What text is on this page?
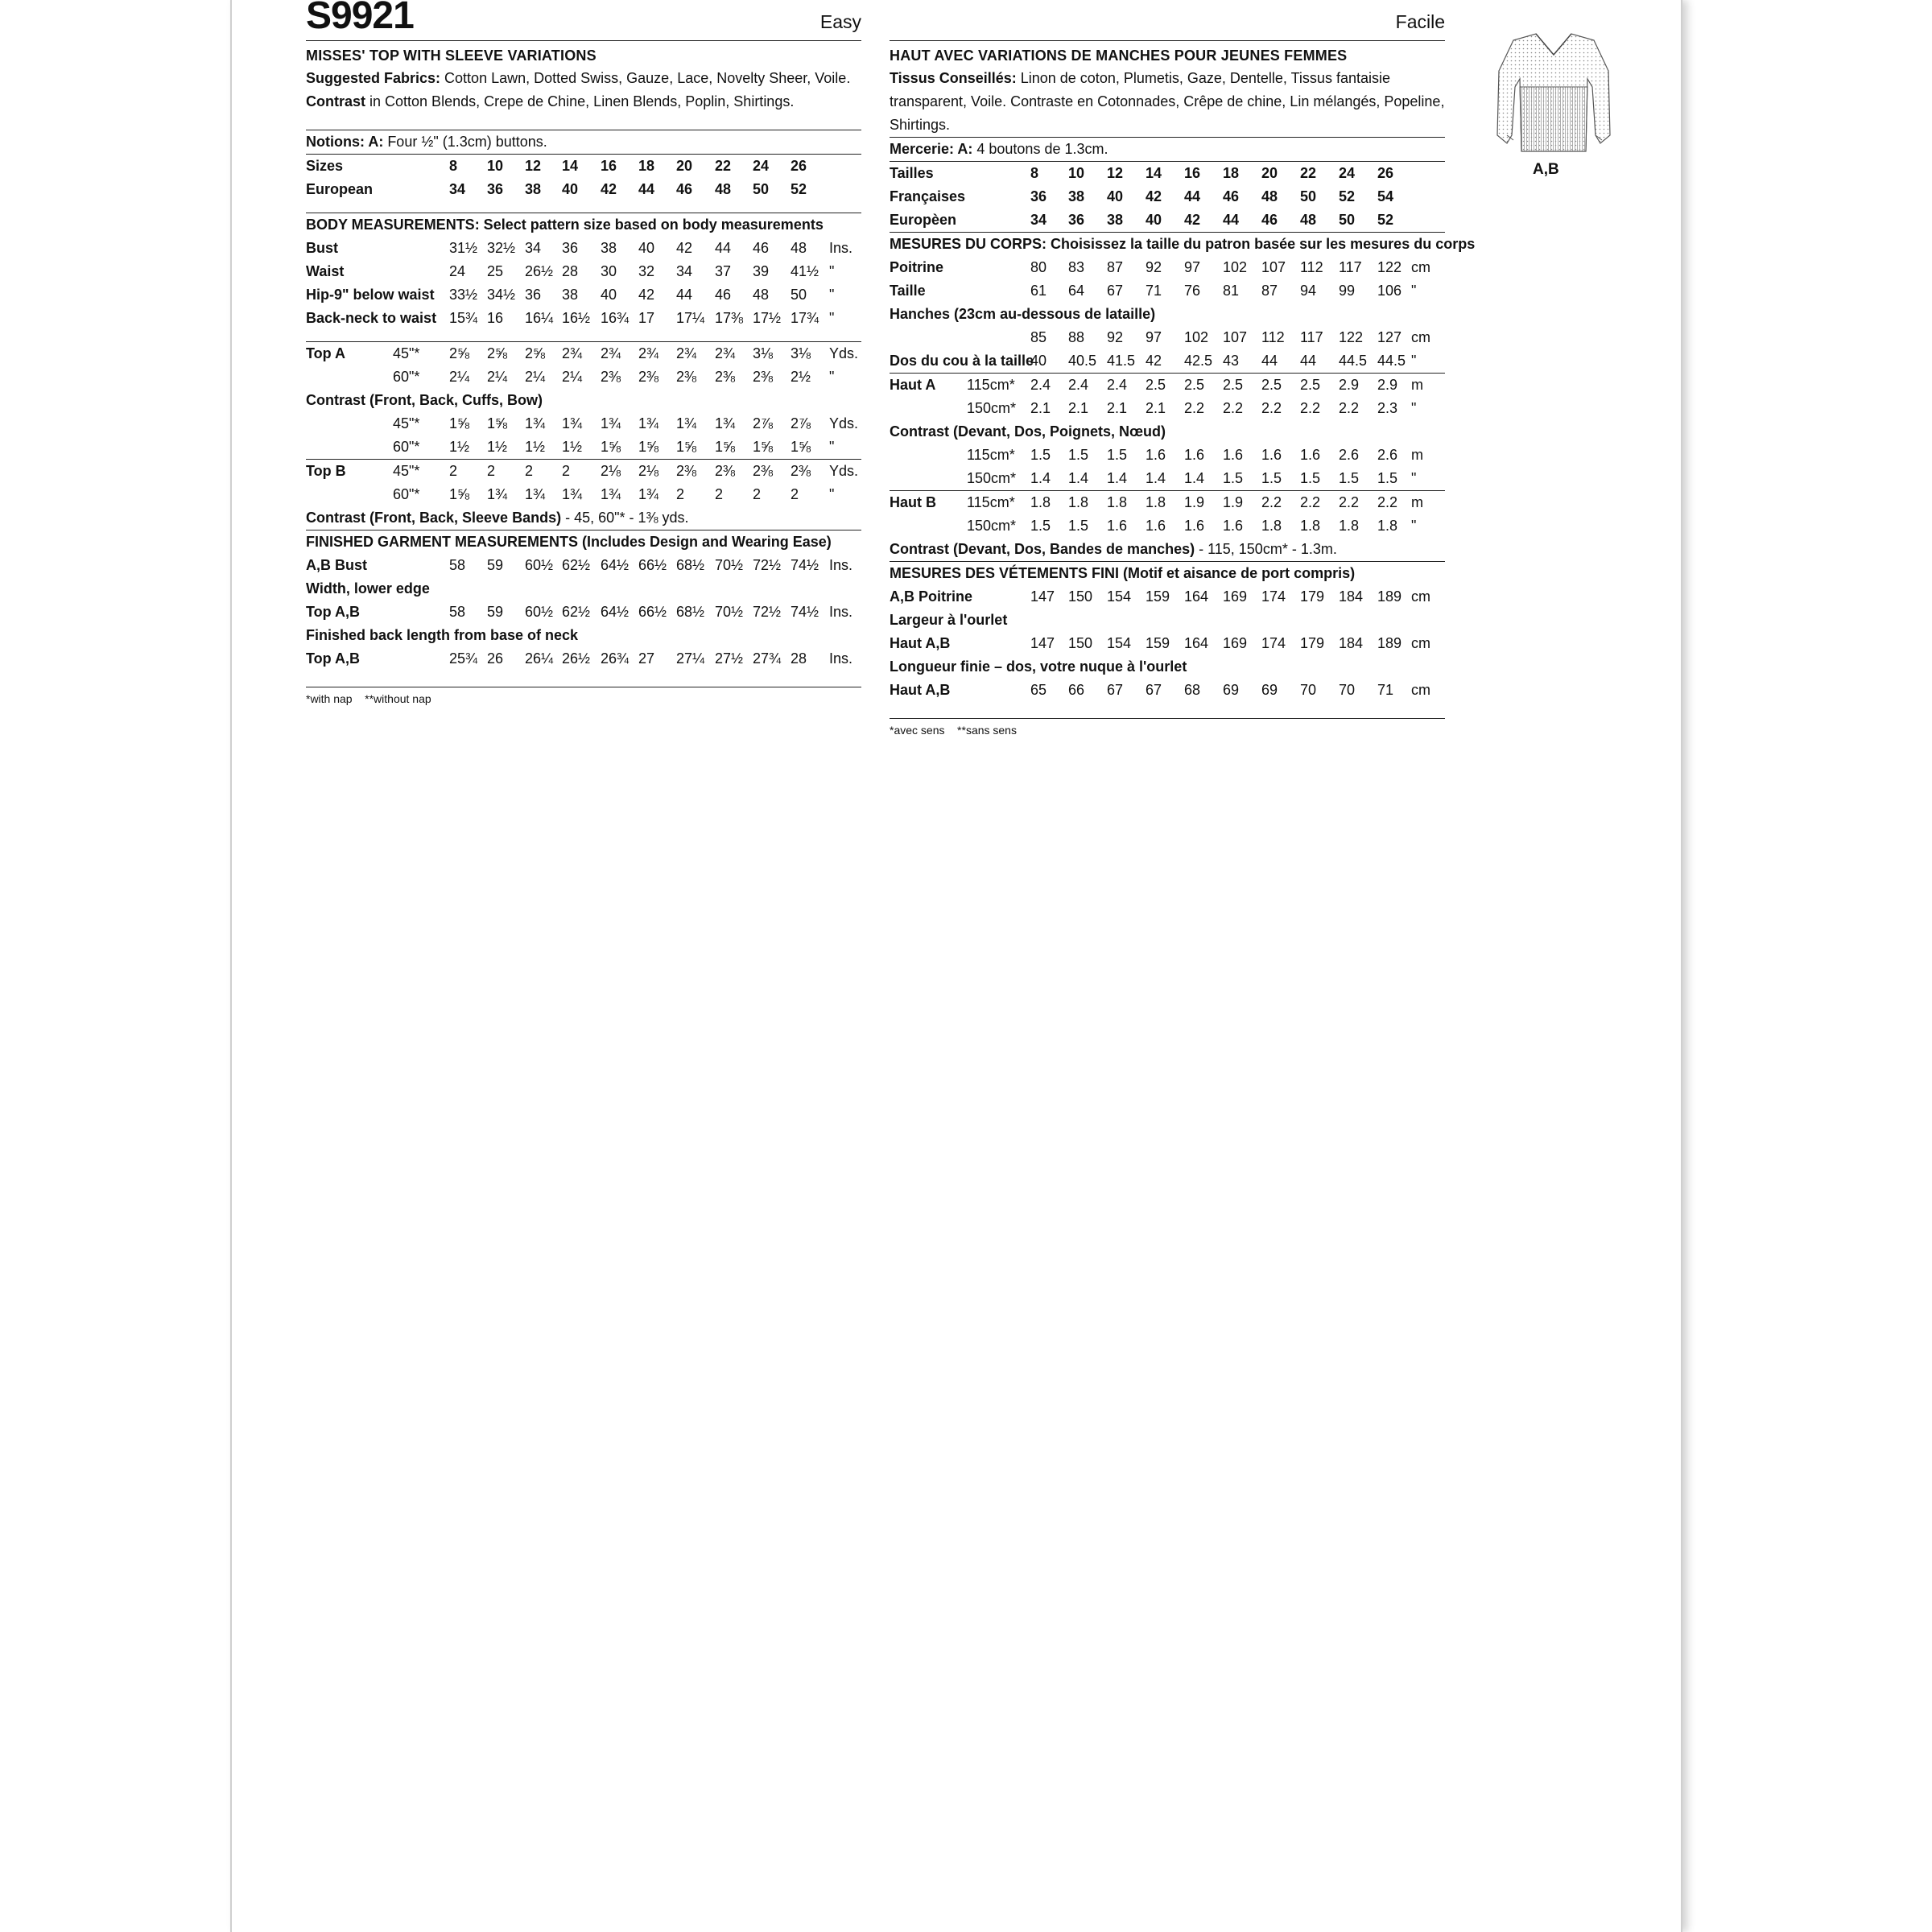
S9921	Easy
MISSES' TOP WITH SLEEVE VARIATIONS
Suggested Fabrics: Cotton Lawn, Dotted Swiss, Gauze, Lace, Novelty Sheer, Voile.
Contrast in Cotton Blends, Crepe de Chine, Linen Blends, Poplin, Shirtings.
Notions: A: Four ½" (1.3cm) buttons.
Sizes	8 10 12 14 16 18 20 22 24 26
European	34 36 38 40 42 44 46 48 50 52
BODY MEASUREMENTS: Select pattern size based on body measurements
Bust	31½ 32½ 34 36 38 40 42 44 46 48 Ins.
Waist	24 25 26½ 28 30 32 34 37 39 41½ "
Hip-9" below waist 33½ 34½ 36 38 40 42 44 46 48 50 "
Back-neck to waist 15¾ 16 16¼ 16½ 16¾ 17 17¼ 17⅜ 17½ 17¾ "
Top A	45"* 2⅝ 2⅝ 2⅝ 2¾ 2¾ 2¾ 2¾ 2¾ 3⅛ 3⅛ Yds.
60"* 2¼ 2¼ 2¼ 2¼ 2⅜ 2⅜ 2⅜ 2⅜ 2⅜ 2½ "
Contrast (Front, Back, Cuffs, Bow)
45"* 1⅝ 1⅝ 1¾ 1¾ 1¾ 1¾ 1¾ 1¾ 2⅞ 2⅞ Yds.
60"* 1½ 1½ 1½ 1½ 1⅝ 1⅝ 1⅝ 1⅝ 1⅝ 1⅝ "
Top B	45"* 2 2 2 2 2⅛ 2⅛ 2⅜ 2⅜ 2⅜ 2⅜ Yds.
60"* 1⅝ 1¾ 1¾ 1¾ 1¾ 1¾ 2 2 2 2 "
Contrast (Front, Back, Sleeve Bands) - 45, 60"* - 1⅜ yds.
FINISHED GARMENT MEASUREMENTS (Includes Design and Wearing Ease)
A,B Bust	58 59 60½ 62½ 64½ 66½ 68½ 70½ 72½ 74½ Ins.
Width, lower edge
Top A,B	58 59 60½ 62½ 64½ 66½ 68½ 70½ 72½ 74½ Ins.
Finished back length from base of neck
Top A,B	25¾ 26 26¼ 26½ 26¾ 27 27¼ 27½ 27¾ 28 Ins.
*with nap    **without nap
Facile
HAUT AVEC VARIATIONS DE MANCHES POUR JEUNES FEMMES
Tissus Conseillés: Linon de coton, Plumetis, Gaze, Dentelle, Tissus fantaisie
transparent, Voile. Contraste en Cotonnades, Crêpe de chine, Lin mélangés, Popeline,
Shirtings.
Mercerie: A: 4 boutons de 1.3cm.
Tailles	8 10 12 14 16 18 20 22 24 26
Françaises	36 38 40 42 44 46 48 50 52 54
Europèen	34 36 38 40 42 44 46 48 50 52
MESURES DU CORPS: Choisissez la taille du patron basée sur les mesures du corps
Poitrine	80 83 87 92 97 102 107 112 117 122 cm
Taille	61 64 67 71 76 81 87 94 99 106 "
Hanches (23cm au-dessous de lataille)
85 88 92 97 102 107 112 117 122 127 cm
Dos du cou à la taille
40 40.5 41.5 42 42.5 43 44 44 44.5 44.5 "
Haut A 115cm* 2.4 2.4 2.4 2.5 2.5 2.5 2.5 2.5 2.9 2.9 m
150cm* 2.1 2.1 2.1 2.1 2.2 2.2 2.2 2.2 2.2 2.3 "
Contrast (Devant, Dos, Poignets, Nœud)
115cm* 1.5 1.5 1.5 1.6 1.6 1.6 1.6 1.6 2.6 2.6 m
150cm* 1.4 1.4 1.4 1.4 1.4 1.5 1.5 1.5 1.5 1.5 "
Haut B 115cm* 1.8 1.8 1.8 1.8 1.9 1.9 2.2 2.2 2.2 2.2 m
150cm* 1.5 1.5 1.6 1.6 1.6 1.6 1.8 1.8 1.8 1.8 "
Contrast (Devant, Dos, Bandes de manches) - 115, 150cm* - 1.3m.
MESURES DES VÉTEMENTS FINI (Motif et aisance de port compris)
A,B Poitrine	147 150 154 159 164 169 174 179 184 189 cm
Largeur à l'ourlet
Haut A,B	147 150 154 159 164 169 174 179 184 189 cm
Longueur finie – dos, votre nuque à l'ourlet
Haut A,B	65 66 67 67 68 69 69 70 70 71 cm
*avec sens    **sans sens
A,B
